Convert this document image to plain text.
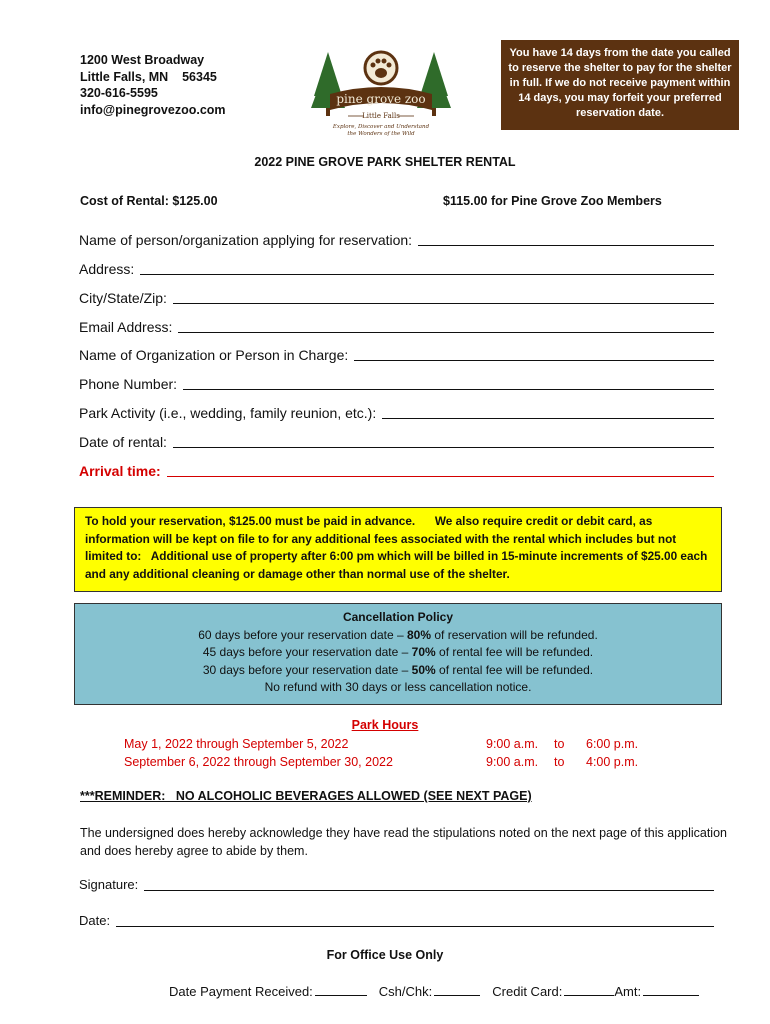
1200 West Broadway
Little Falls, MN    56345
320-616-5595
info@pinegrovezoo.com
pine grove zoo
Little Falls
Explore, Discover and Understand
the Wonders of the Wild
You have 14 days from the date you called to reserve the shelter to pay for the shelter in full. If we do not receive payment within 14 days, you may forfeit your preferred reservation date.
2022 PINE GROVE PARK SHELTER RENTAL
Cost of Rental: $125.00	$115.00 for Pine Grove Zoo Members
Name of person/organization applying for reservation:
Address:
City/State/Zip:
Email Address:
Name of Organization or Person in Charge:
Phone Number:
Park Activity (i.e., wedding, family reunion, etc.):
Date of rental:
Arrival time:
To hold your reservation, $125.00 must be paid in advance.      We also require credit or debit card, as information will be kept on file to for any additional fees associated with the rental which includes but not limited to:   Additional use of property after 6:00 pm which will be billed in 15-minute increments of $25.00 each and any additional cleaning or damage other than normal use of the shelter.
Cancellation Policy
60 days before your reservation date – 80% of reservation will be refunded.
45 days before your reservation date – 70% of rental fee will be refunded.
30 days before your reservation date – 50% of rental fee will be refunded.
No refund with 30 days or less cancellation notice.
Park Hours
May 1, 2022 through September 5, 2022	9:00 a.m. to 6:00 p.m.
September 6, 2022 through September 30, 2022	9:00 a.m. to 4:00 p.m.
***REMINDER:   NO ALCOHOLIC BEVERAGES ALLOWED (SEE NEXT PAGE)
The undersigned does hereby acknowledge they have read the stipulations noted on the next page of this application and does hereby agree to abide by them.
Signature:
Date:
For Office Use Only
Date Payment Received:	Csh/Chk:	Credit Card:	Amt:
